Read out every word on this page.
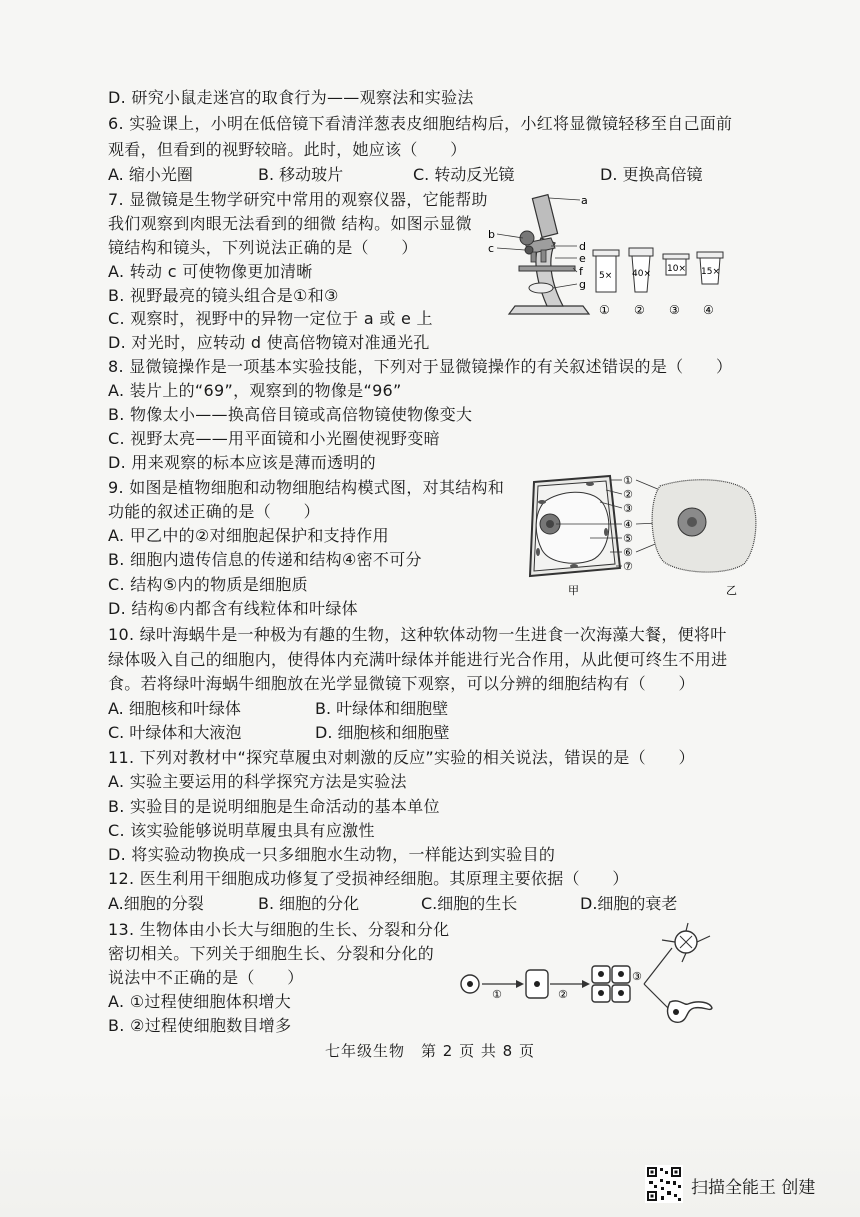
D. 研究小鼠走迷宫的取食行为——观察法和实验法
6. 实验课上，小明在低倍镜下看清洋葱表皮细胞结构后，小红将显微镜轻移至自己面前
观看，但看到的视野较暗。此时，她应该（　　）
A. 缩小光圈	B. 移动玻片	C. 转动反光镜	D. 更换高倍镜
7. 显微镜是生物学研究中常用的观察仪器，它能帮助
我们观察到肉眼无法看到的细微 结构。如图示显微
镜结构和镜头，下列说法正确的是（　　）
A. 转动 c 可使物像更加清晰
B. 视野最亮的镜头组合是①和③
C. 观察时，视野中的异物一定位于 a 或 e 上
D. 对光时，应转动 d 使高倍物镜对准通光孔
8. 显微镜操作是一项基本实验技能，下列对于显微镜操作的有关叙述错误的是（　　）
A. 装片上的“69”，观察到的物像是“96”
B. 物像太小——换高倍目镜或高倍物镜使物像变大
C. 视野太亮——用平面镜和小光圈使视野变暗
D. 用来观察的标本应该是薄而透明的
9. 如图是植物细胞和动物细胞结构模式图，对其结构和
功能的叙述正确的是（　　）
A. 甲乙中的②对细胞起保护和支持作用
B. 细胞内遗传信息的传递和结构④密不可分
C. 结构⑤内的物质是细胞质
D. 结构⑥内都含有线粒体和叶绿体
10. 绿叶海蜗牛是一种极为有趣的生物，这种软体动物一生进食一次海藻大餐，便将叶
绿体吸入自己的细胞内，使得体内充满叶绿体并能进行光合作用，从此便可终生不用进
食。若将绿叶海蜗牛细胞放在光学显微镜下观察，可以分辨的细胞结构有（　　）
A. 细胞核和叶绿体	B. 叶绿体和细胞壁
C. 叶绿体和大液泡	D. 细胞核和细胞壁
11. 下列对教材中“探究草履虫对刺激的反应”实验的相关说法，错误的是（　　）
A. 实验主要运用的科学探究方法是实验法
B. 实验目的是说明细胞是生命活动的基本单位
C. 该实验能够说明草履虫具有应激性
D. 将实验动物换成一只多细胞水生动物，一样能达到实验目的
12. 医生利用干细胞成功修复了受损神经细胞。其原理主要依据（　　）
A.细胞的分裂	B. 细胞的分化	C.细胞的生长	D.细胞的衰老
13. 生物体由小长大与细胞的生长、分裂和分化
密切相关。下列关于细胞生长、分裂和分化的
说法中不正确的是（　　）
A. ①过程使细胞体积增大
B. ②过程使细胞数目增多
a
b
c	d
e
f
g
5× 40× 10× 15×
① ② ③ ④
①
②
③
④
⑤
⑥
⑦
甲	乙
①	②
③
七年级生物　第 2 页 共 8 页
扫描全能王 创建
